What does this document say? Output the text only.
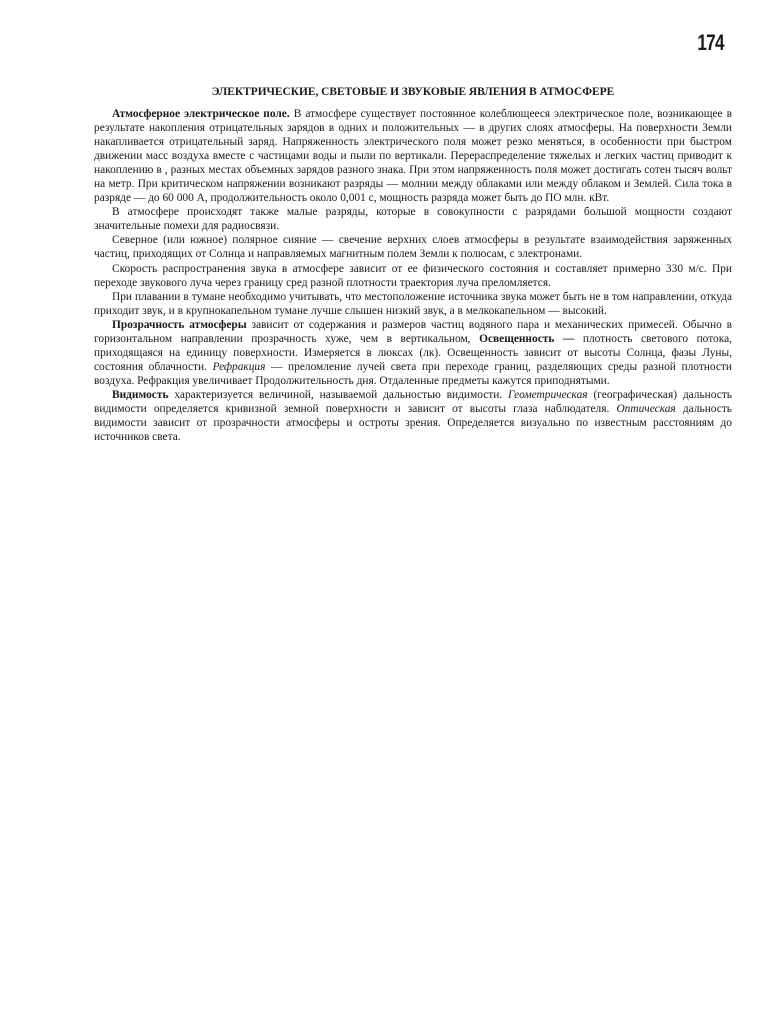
174
ЭЛЕКТРИЧЕСКИЕ, СВЕТОВЫЕ И ЗВУКОВЫЕ ЯВЛЕНИЯ В АТМОСФЕРЕ

Атмосферное электрическое поле. В атмосфере существует постоянное колеблющееся электрическое поле, возникающее в результате накопления отрицательных зарядов в одних и положительных — в других слоях атмосферы. На поверхности Земли накапливается отрицательный заряд. Напряженность электрического поля может резко меняться, в особенности при быстром движении масс воздуха вместе с частицами воды и пыли по вертикали. Перераспределение тяжелых и легких частиц приводит к накоплению в , разных местах объемных зарядов разного знака. При этом напряженность поля может достигать сотен тысяч вольт на метр. При критическом напряжении возникают разряды — молнии между облаками или между облаком и Землей. Сила тока в разряде — до 60 000 А, продолжительность около 0,001 с, мощность разряда может быть до ПО млн. кВт.

В атмосфере происходят также малые разряды, которые в совокупности с разрядами большой мощности создают значительные помехи для радиосвязи.

Северное (или южное) полярное сияние — свечение верхних слоев атмосферы в результате взаимодействия заряженных частиц, приходящих от Солнца и направляемых магнитным полем Земли к полюсам, с электронами.

Скорость распространения звука в атмосфере зависит от ее физического состояния и составляет примерно 330 м/с. При переходе звукового луча через границу сред разной плотности траектория луча преломляется.

При плавании в тумане необходимо учитывать, что местоположение источника звука может быть не в том направлении, откуда приходит звук, и в крупнокапельном тумане лучше слышен низкий звук, а в мелкокапельном — высокий.

Прозрачность атмосферы зависит от содержания и размеров частиц водяного пара и механических примесей. Обычно в горизонтальном направлении прозрачность хуже, чем в вертикальном, Освещенность — плотность светового потока, приходящаяся на единицу поверхности. Измеряется в люксах (лк). Освещенность зависит от высоты Солнца, фазы Луны, состояния облачности. Рефракция — преломление лучей света при переходе границ, разделяющих среды разной плотности воздуха. Рефракция увеличивает Продолжительность дня. Отдаленные предметы кажутся приподнятыми.

Видимость характеризуется величиной, называемой дальностью видимости. Геометрическая (географическая) дальность видимости определяется кривизной земной поверхности и зависит от высоты глаза наблюдателя. Оптическая дальность видимости зависит от прозрачности атмосферы и остроты зрения. Определяется визуально по известным расстояниям до источников света.
